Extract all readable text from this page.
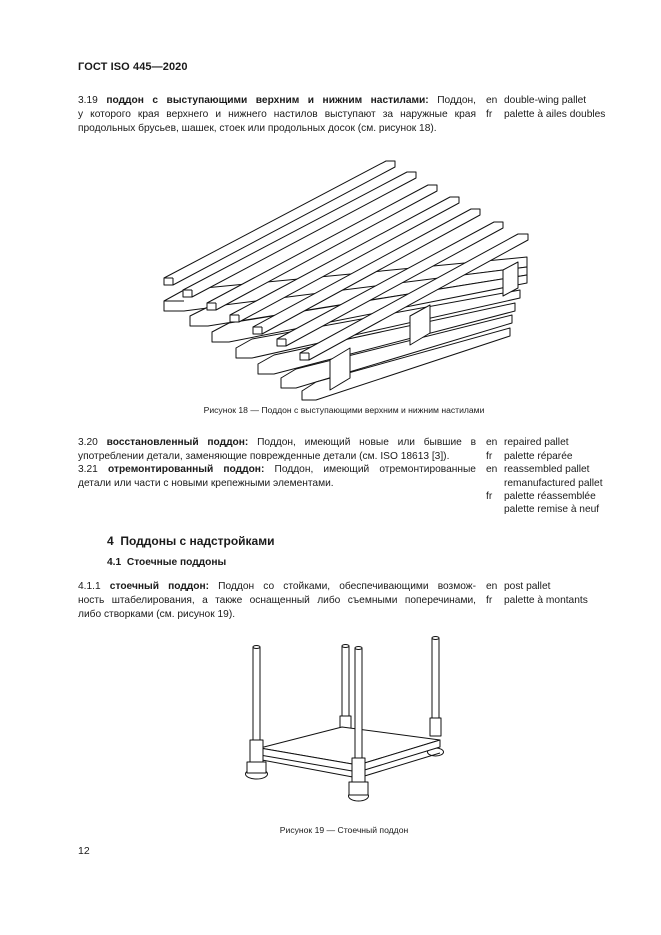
ГОСТ ISO 445—2020
3.19 поддон с выступающими верхним и нижним настилами: Поддон,
у которого края верхнего и нижнего настилов выступают за наружные края
продольных брусьев, шашек, стоек или продольных досок (см. рисунок 18).
en double-wing pallet
fr palette à ailes doubles
Рисунок 18 — Поддон с выступающими верхним и нижним настилами
3.20 восстановленный поддон: Поддон, имеющий новые или бывшие в
употреблении детали, заменяющие поврежденные детали (см. ISO 18613 [3]).
en repaired pallet
fr palette réparée
3.21 отремонтированный поддон: Поддон, имеющий отремонтированные
детали или части с новыми крепежными элементами.
en reassembled pallet
remanufactured pallet
fr palette réassemblée
palette remise à neuf
4 Поддоны с надстройками
4.1 Стоечные поддоны
4.1.1 стоечный поддон: Поддон со стойками, обеспечивающими возмож-
ность штабелирования, а также оснащенный либо съемными поперечинами,
либо створками (см. рисунок 19).
en post pallet
fr palette à montants
Рисунок 19 — Стоечный поддон
12
